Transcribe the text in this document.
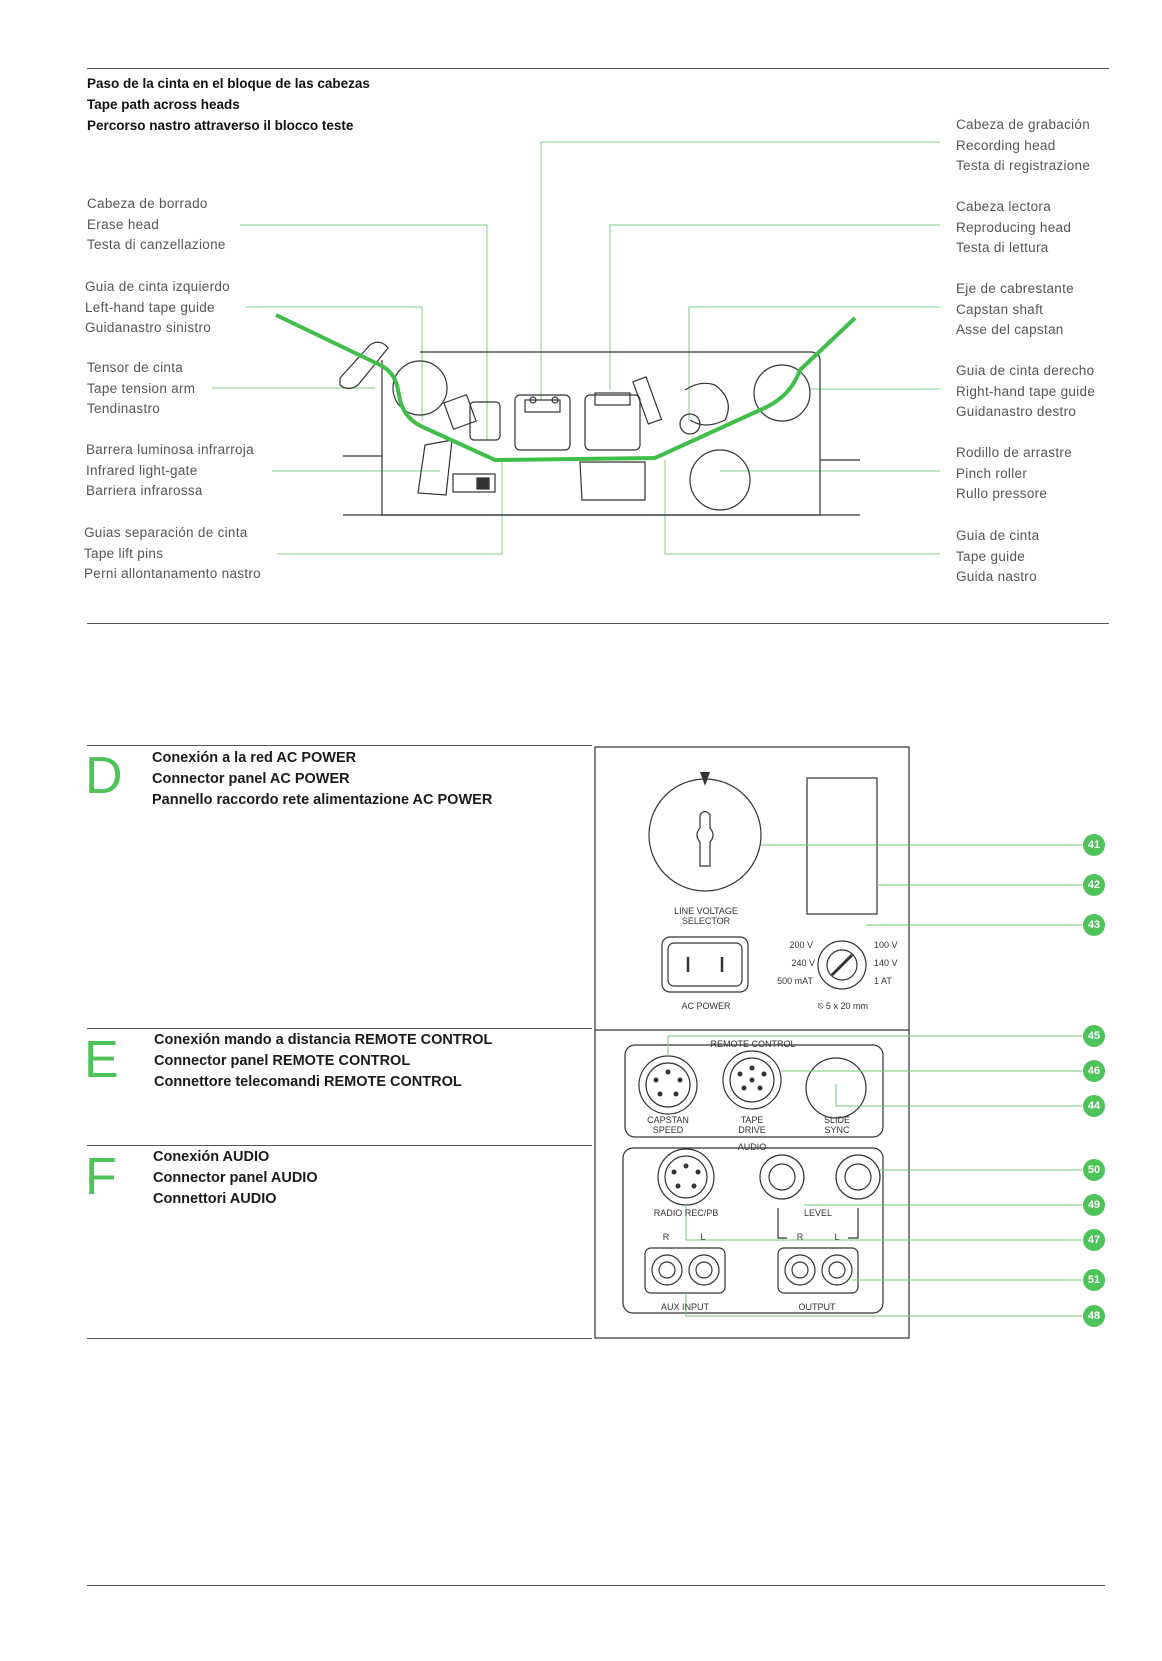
Paso de la cinta en el bloque de las cabezas
Tape path across heads
Percorso nastro attraverso il blocco teste
Cabeza de borrado
Erase head
Testa di canzellazione
Guia de cinta izquierdo
Left-hand tape guide
Guidanastro sinistro
Tensor de cinta
Tape tension arm
Tendinastro
Barrera luminosa infrarroja
Infrared light-gate
Barriera infrarossa
Guias separación de cinta
Tape lift pins
Perni allontanamento nastro
Cabeza de grabación
Recording head
Testa di registrazione
Cabeza lectora
Reproducing head
Testa di lettura
Eje de cabrestante
Capstan shaft
Asse del capstan
Guia de cinta derecho
Right-hand tape guide
Guidanastro destro
Rodillo de arrastre
Pinch roller
Rullo pressore
Guia de cinta
Tape guide
Guida nastro
D Conexión a la red AC POWER
Connector panel AC POWER
Pannello raccordo rete alimentazione AC POWER
E Conexión mando a distancia REMOTE CONTROL
Connector panel REMOTE CONTROL
Connettore telecomandi REMOTE CONTROL
F Conexión AUDIO
Connector panel AUDIO
Connettori AUDIO
LINE VOLTAGE
SELECTOR
AC POWER
200 V
240 V
500 mAT
100 V
140 V
1 AT
⍉ 5 x 20 mm
REMOTE CONTROL
CAPSTAN
SPEED
TAPE
DRIVE
SLIDE
SYNC
AUDIO
RADIO REC/PB	LEVEL
R	L	R	L
AUX INPUT	OUTPUT
41
42
43
45
46
44
50
49
47
51
48
